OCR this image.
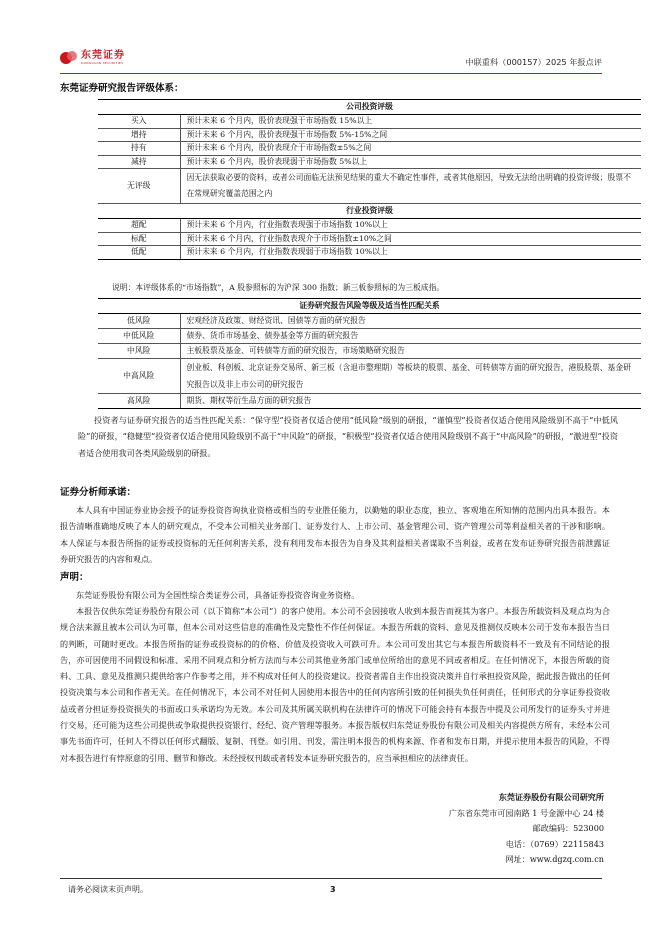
东莞证券
DONGGUAN SECURITIES	中联重科（000157）2025 年报点评
东莞证券研究报告评级体系：
公司投资评级	
买入	预计未来 6 个月内，股价表现强于市场指数 15%以上
增持	预计未来 6 个月内，股价表现强于市场指数 5%-15%之间
持有	预计未来 6 个月内，股价表现介于市场指数±5%之间
减持	预计未来 6 个月内，股价表现弱于市场指数 5%以上
无评级	因无法获取必要的资料，或者公司面临无法预见结果的重大不确定性事件，或者其他原因，导致无法给出明确的投资评级；股票不在常规研究覆盖范围之内
行业投资评级	
超配	预计未来 6 个月内，行业指数表现强于市场指数 10%以上
标配	预计未来 6 个月内，行业指数表现介于市场指数±10%之间
低配	预计未来 6 个月内，行业指数表现弱于市场指数 10%以上
说明：本评级体系的“市场指数”，A 股参照标的为沪深 300 指数；新三板参照标的为三板成指。
证券研究报告风险等级及适当性匹配关系	
低风险	宏观经济及政策、财经资讯、国债等方面的研究报告
中低风险	债券、货币市场基金、债券基金等方面的研究报告
中风险	主板股票及基金、可转债等方面的研究报告，市场策略研究报告
中高风险	创业板、科创板、北京证券交易所、新三板（含退市整理期）等板块的股票、基金、可转债等方面的研究报告，港股股票、基金研究报告以及非上市公司的研究报告
高风险	期货、期权等衍生品方面的研究报告
投资者与证券研究报告的适当性匹配关系：“保守型”投资者仅适合使用“低风险”级别的研报，“谨慎型”投资者仅适合使用风险级别不高于“中低风险”的研报，“稳健型”投资者仅适合使用风险级别不高于“中风险”的研报，“积极型”投资者仅适合使用风险级别不高于“中高风险”的研报，“激进型”投资者适合使用我司各类风险级别的研报。
证券分析师承诺：
本人具有中国证券业协会授予的证券投资咨询执业资格或相当的专业胜任能力，以勤勉的职业态度，独立、客观地在所知情的范围内出具本报告。本报告清晰准确地反映了本人的研究观点，不受本公司相关业务部门、证券发行人、上市公司、基金管理公司、资产管理公司等利益相关者的干涉和影响。本人保证与本报告所指的证券或投资标的无任何利害关系，没有利用发布本报告为自身及其利益相关者谋取不当利益，或者在发布证券研究报告前泄露证券研究报告的内容和观点。
声明：
东莞证券股份有限公司为全国性综合类证券公司，具备证券投资咨询业务资格。
本报告仅供东莞证券股份有限公司（以下简称“本公司”）的客户使用。本公司不会因接收人收到本报告而视其为客户。本报告所载资料及观点均为合规合法来源且被本公司认为可靠，但本公司对这些信息的准确性及完整性不作任何保证。本报告所载的资料、意见及推测仅反映本公司于发布本报告当日的判断，可随时更改。本报告所指的证券或投资标的的价格、价值及投资收入可跌可升。本公司可发出其它与本报告所载资料不一致及有不同结论的报告，亦可因使用不同假设和标准、采用不同观点和分析方法而与本公司其他业务部门或单位所给出的意见不同或者相反。在任何情况下，本报告所载的资料、工具、意见及推测只提供给客户作参考之用，并不构成对任何人的投资建议。投资者需自主作出投资决策并自行承担投资风险，据此报告做出的任何投资决策与本公司和作者无关。在任何情况下，本公司不对任何人因使用本报告中的任何内容所引致的任何损失负任何责任，任何形式的分享证券投资收益或者分担证券投资损失的书面或口头承诺均为无效。本公司及其所属关联机构在法律许可的情况下可能会持有本报告中提及公司所发行的证券头寸并进行交易，还可能为这些公司提供或争取提供投资银行、经纪、资产管理等服务。本报告版权归东莞证券股份有限公司及相关内容提供方所有，未经本公司事先书面许可，任何人不得以任何形式翻版、复制、刊登。如引用、刊发，需注明本报告的机构来源、作者和发布日期，并提示使用本报告的风险，不得对本报告进行有悖原意的引用、删节和修改。未经授权刊载或者转发本证券研究报告的，应当承担相应的法律责任。
东莞证券股份有限公司研究所
广东省东莞市可园南路 1 号金源中心 24 楼
邮政编码：523000
电话：（0769）22115843
网址：www.dgzq.com.cn
请务必阅读末页声明。	3
